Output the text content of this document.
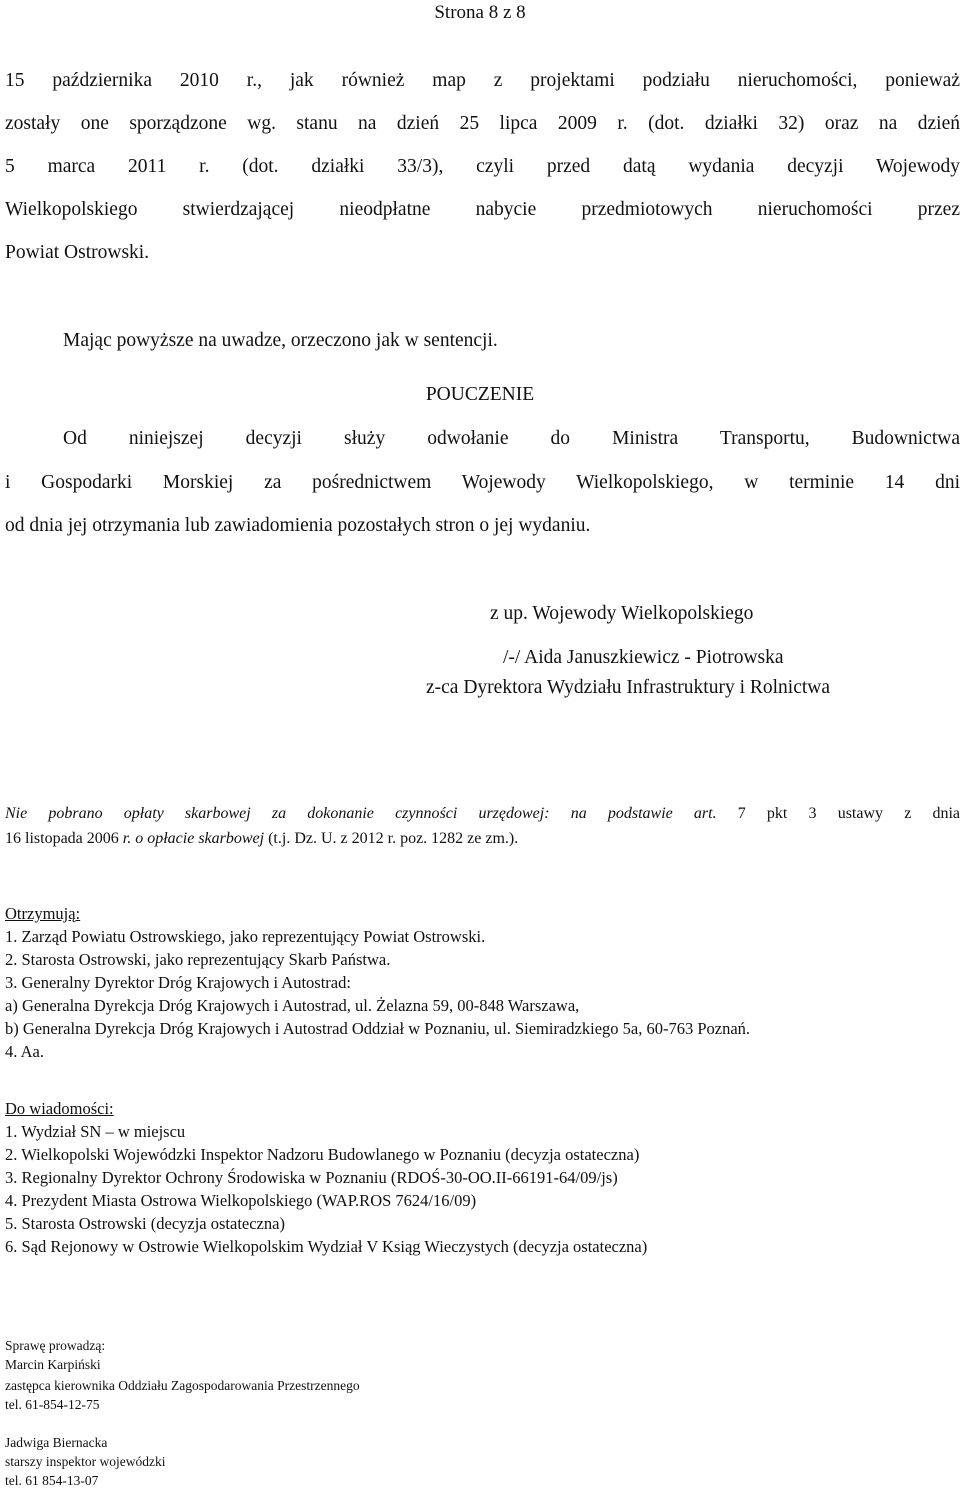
Strona 8 z 8
15 października 2010 r., jak również map z projektami podziału nieruchomości, ponieważ
zostały one sporządzone wg. stanu na dzień 25 lipca 2009 r. (dot. działki 32) oraz na dzień
5 marca 2011 r. (dot. działki 33/3), czyli przed datą wydania decyzji Wojewody
Wielkopolskiego stwierdzającej nieodpłatne nabycie przedmiotowych nieruchomości przez
Powiat Ostrowski.
Mając powyższe na uwadze, orzeczono jak w sentencji.
POUCZENIE
Od niniejszej decyzji służy odwołanie do Ministra Transportu, Budownictwa
i Gospodarki Morskiej za pośrednictwem Wojewody Wielkopolskiego, w terminie 14 dni
od dnia jej otrzymania lub zawiadomienia pozostałych stron o jej wydaniu.
z up. Wojewody Wielkopolskiego
/-/ Aida Januszkiewicz - Piotrowska
z-ca Dyrektora Wydziału Infrastruktury i Rolnictwa
Nie pobrano opłaty skarbowej za dokonanie czynności urzędowej: na podstawie art. 7 pkt 3 ustawy z dnia
16 listopada 2006 r. o opłacie skarbowej (t.j. Dz. U. z 2012 r. poz. 1282 ze zm.).
Otrzymują:
1. Zarząd Powiatu Ostrowskiego, jako reprezentujący Powiat Ostrowski.
2. Starosta Ostrowski, jako reprezentujący Skarb Państwa.
3. Generalny Dyrektor Dróg Krajowych i Autostrad:
a) Generalna Dyrekcja Dróg Krajowych i Autostrad, ul. Żelazna 59, 00-848 Warszawa,
b) Generalna Dyrekcja Dróg Krajowych i Autostrad Oddział w Poznaniu, ul. Siemiradzkiego 5a, 60-763 Poznań.
4. Aa.
Do wiadomości:
1. Wydział SN – w miejscu
2. Wielkopolski Wojewódzki Inspektor Nadzoru Budowlanego w Poznaniu (decyzja ostateczna)
3. Regionalny Dyrektor Ochrony Środowiska w Poznaniu (RDOŚ-30-OO.II-66191-64/09/js)
4. Prezydent Miasta Ostrowa Wielkopolskiego (WAP.ROS 7624/16/09)
5. Starosta Ostrowski (decyzja ostateczna)
6. Sąd Rejonowy w Ostrowie Wielkopolskim Wydział V Ksiąg Wieczystych (decyzja ostateczna)
Sprawę prowadzą:
Marcin Karpiński
zastępca kierownika Oddziału Zagospodarowania Przestrzennego
tel. 61-854-12-75
Jadwiga Biernacka
starszy inspektor wojewódzki
tel. 61 854-13-07
